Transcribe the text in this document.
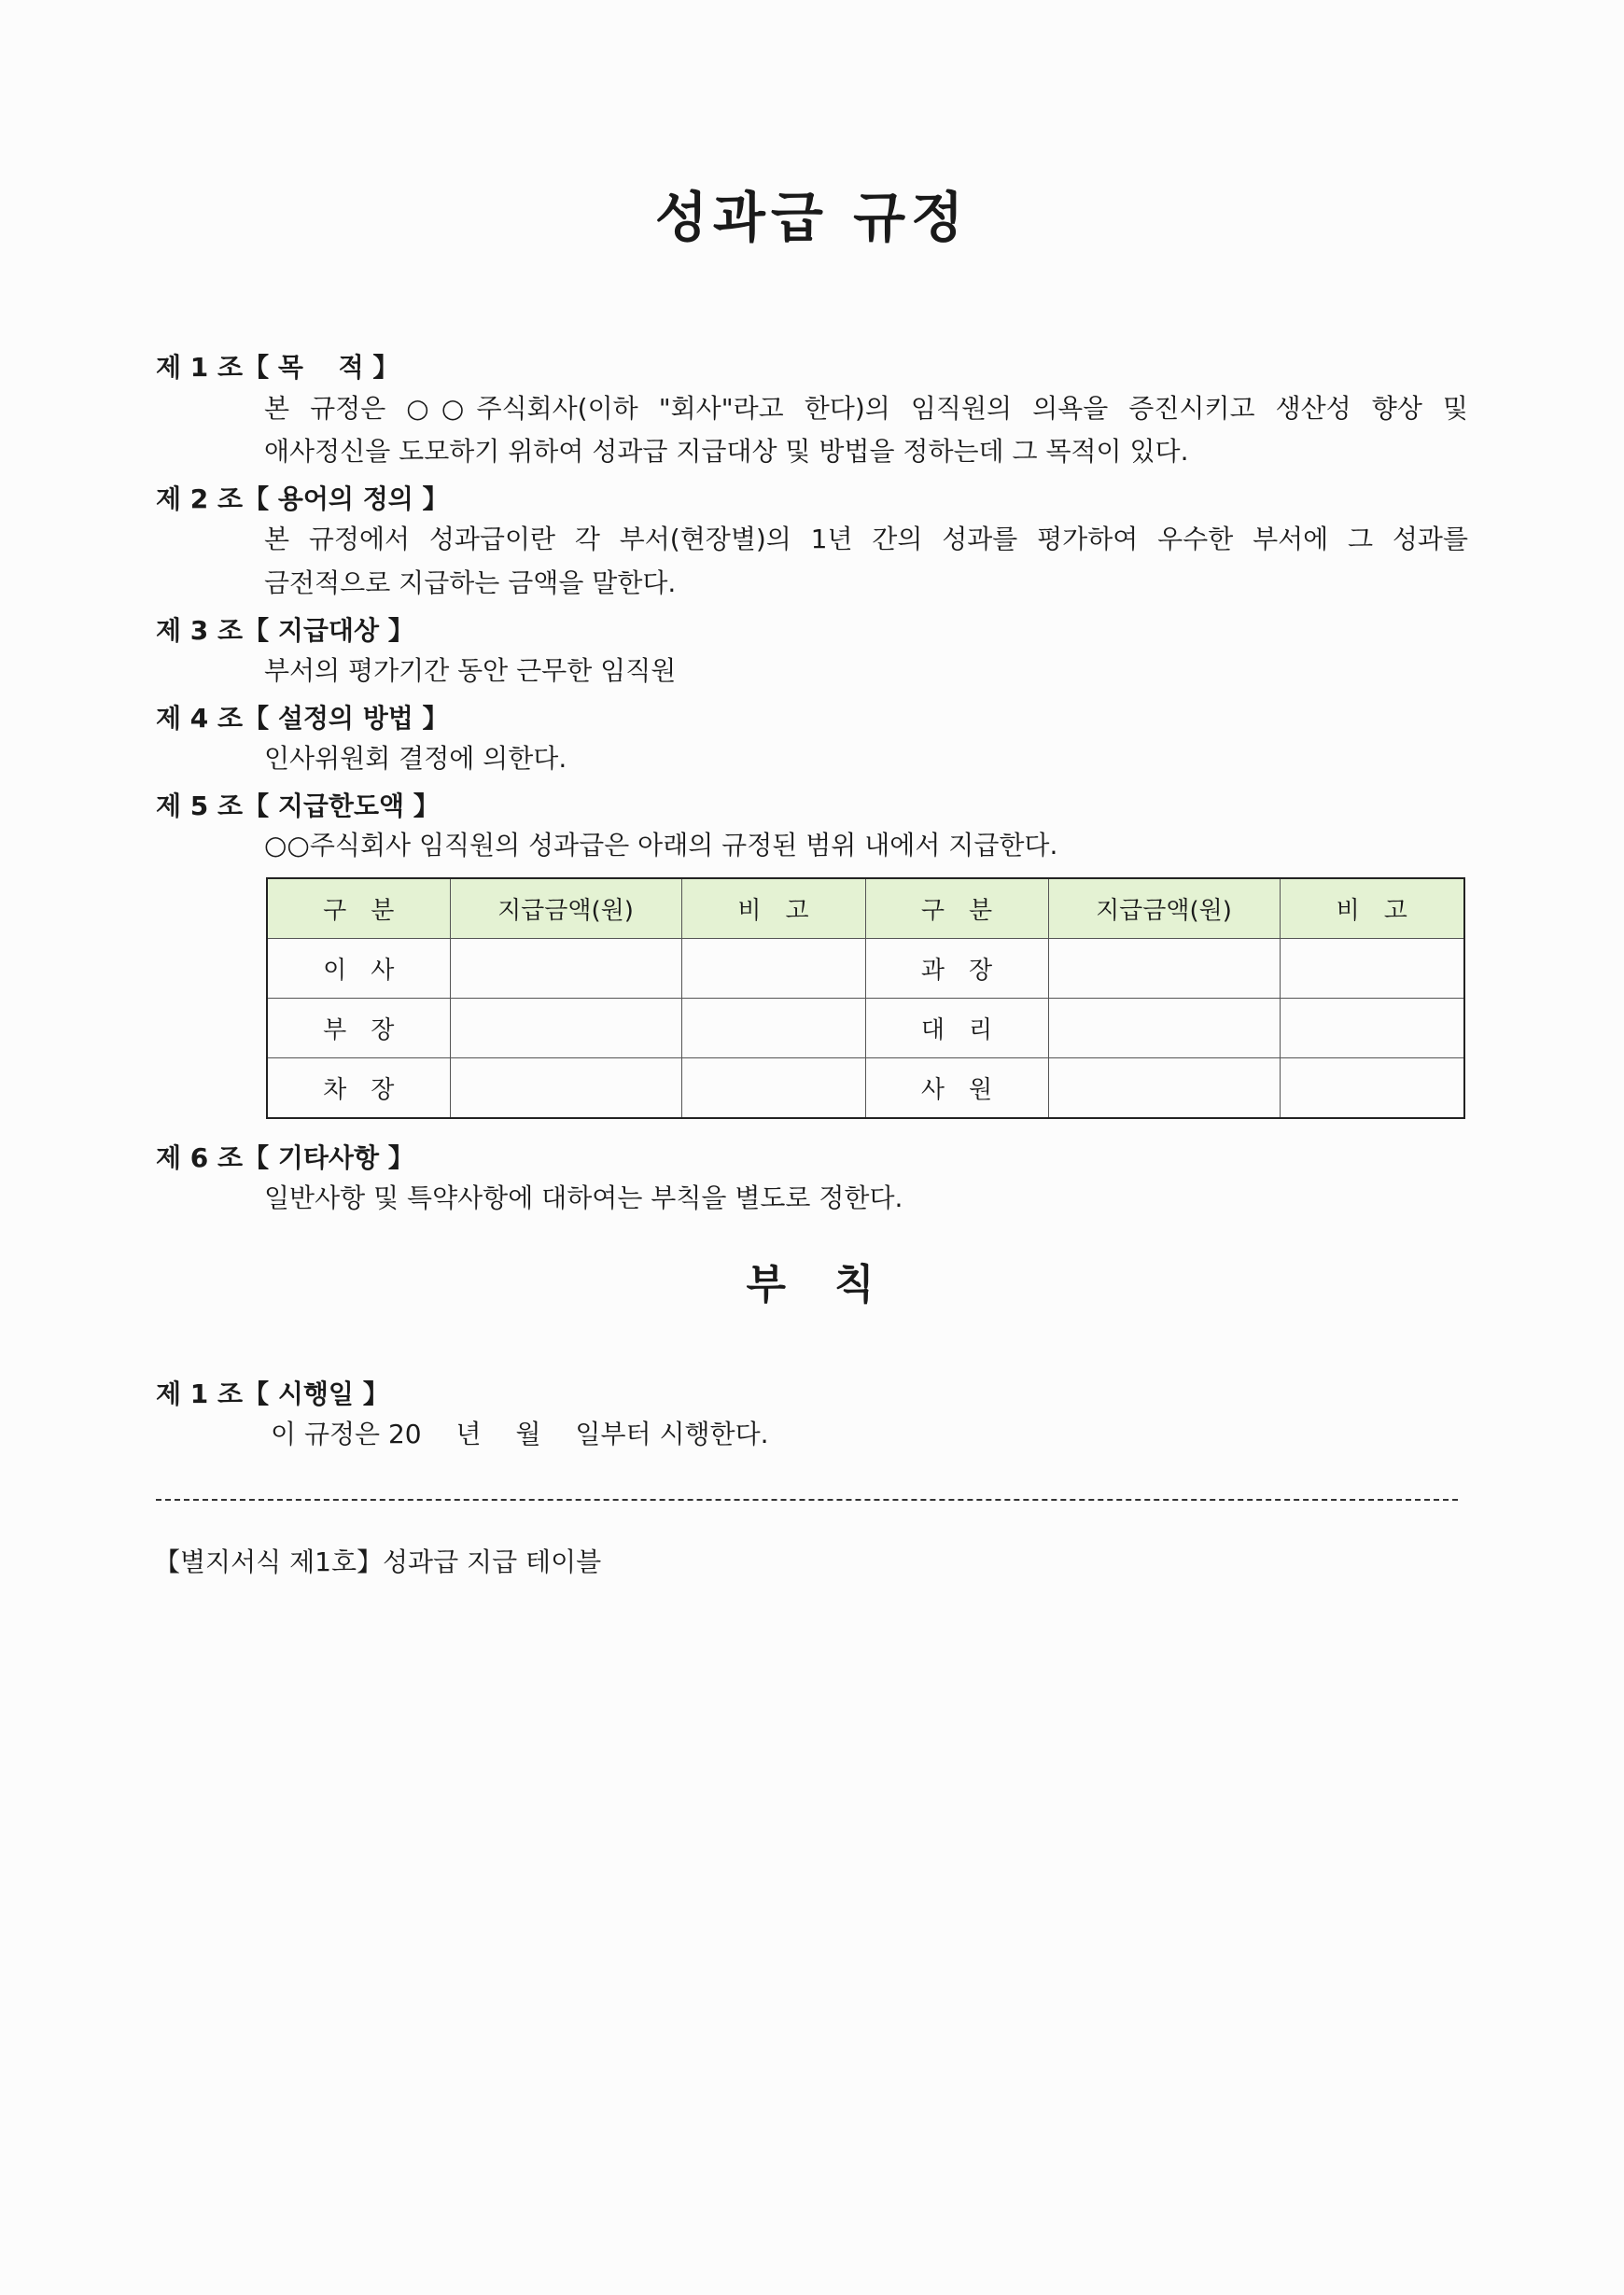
성과급 규정
제 1 조【 목　 적 】
본 규정은 ○○주식회사(이하 "회사"라고 한다)의 임직원의 의욕을 증진시키고 생산성 향상 및
애사정신을 도모하기 위하여 성과급 지급대상 및 방법을 정하는데 그 목적이 있다.
제 2 조【 용어의 정의 】
본 규정에서 성과급이란 각 부서(현장별)의 1년 간의 성과를 평가하여 우수한 부서에 그 성과를
금전적으로 지급하는 금액을 말한다.
제 3 조【 지급대상 】
부서의 평가기간 동안 근무한 임직원
제 4 조【 설정의 방법 】
인사위원회 결정에 의한다.
제 5 조【 지급한도액 】
○○주식회사 임직원의 성과급은 아래의 규정된 범위 내에서 지급한다.
구　분	지급금액(원)	비　고	구　분	지급금액(원)	비　고
이　사			과　장		
부　장			대　리		
차　장			사　원		
제 6 조【 기타사항 】
일반사항 및 특약사항에 대하여는 부칙을 별도로 정한다.
부　칙
제 1 조【 시행일 】
이 규정은 20　 년　 월　 일부터 시행한다.
【별지서식 제1호】성과급 지급 테이블
